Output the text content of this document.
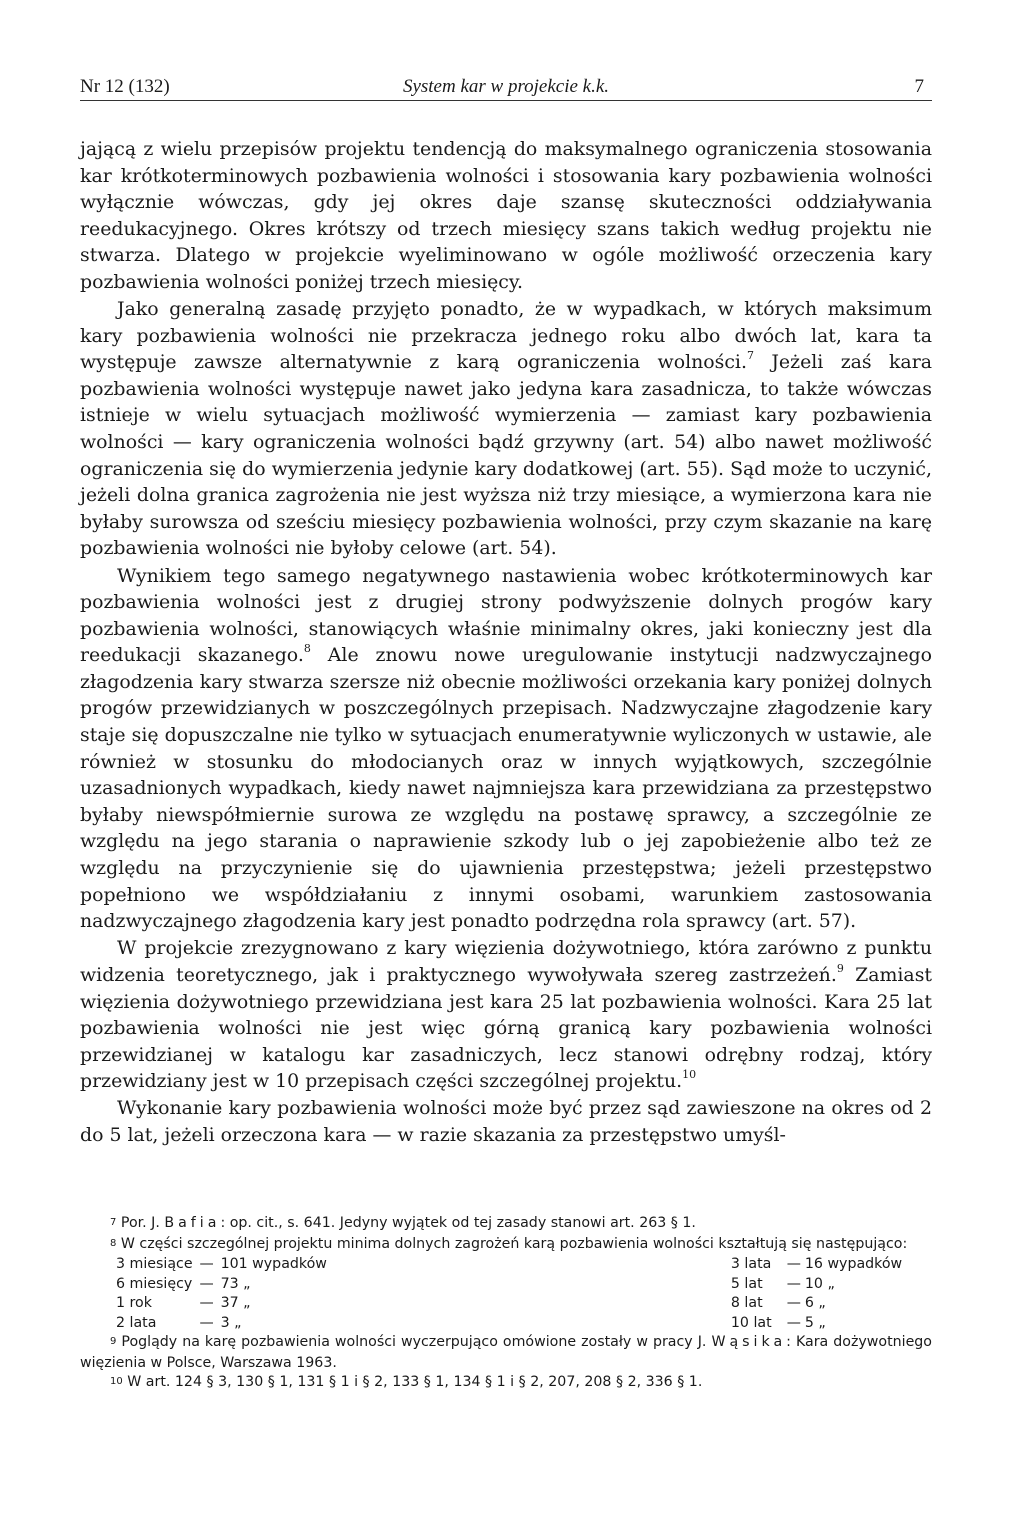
Nr 12 (132)	System kar w projekcie k.k.	7

jającą z wielu przepisów projektu tendencją do maksymalnego ograniczenia stosowania kar krótkoterminowych pozbawienia wolności i stosowania kary pozbawienia wolności wyłącznie wówczas, gdy jej okres daje szansę skuteczności oddziaływania reedukacyjnego. Okres krótszy od trzech miesięcy szans takich według projektu nie stwarza. Dlatego w projekcie wyeliminowano w ogóle możliwość orzeczenia kary pozbawienia wolności poniżej trzech miesięcy.

Jako generalną zasadę przyjęto ponadto, że w wypadkach, w których maksimum kary pozbawienia wolności nie przekracza jednego roku albo dwóch lat, kara ta występuje zawsze alternatywnie z karą ograniczenia wolności.$^7$ Jeżeli zaś kara pozbawienia wolności występuje nawet jako jedyna kara zasadnicza, to także wówczas istnieje w wielu sytuacjach możliwość wymierzenia — zamiast kary pozbawienia wolności — kary ograniczenia wolności bądź grzywny (art. 54) albo nawet możliwość ograniczenia się do wymierzenia jedynie kary dodatkowej (art. 55). Sąd może to uczynić, jeżeli dolna granica zagrożenia nie jest wyższa niż trzy miesiące, a wymierzona kara nie byłaby surowsza od sześciu miesięcy pozbawienia wolności, przy czym skazanie na karę pozbawienia wolności nie byłoby celowe (art. 54).

Wynikiem tego samego negatywnego nastawienia wobec krótkoterminowych kar pozbawienia wolności jest z drugiej strony podwyższenie dolnych progów kary pozbawienia wolności, stanowiących właśnie minimalny okres, jaki konieczny jest dla reedukacji skazanego.$^8$ Ale znowu nowe uregulowanie instytucji nadzwyczajnego złagodzenia kary stwarza szersze niż obecnie możliwości orzekania kary poniżej dolnych progów przewidzianych w poszczególnych przepisach. Nadzwyczajne złagodzenie kary staje się dopuszczalne nie tylko w sytuacjach enumeratywnie wyliczonych w ustawie, ale również w stosunku do młodocianych oraz w innych wyjątkowych, szczególnie uzasadnionych wypadkach, kiedy nawet najmniejsza kara przewidziana za przestępstwo byłaby niewspółmiernie surowa ze względu na postawę sprawcy, a szczególnie ze względu na jego starania o naprawienie szkody lub o jej zapobieżenie albo też ze względu na przyczynienie się do ujawnienia przestępstwa; jeżeli przestępstwo popełniono we współdziałaniu z innymi osobami, warunkiem zastosowania nadzwyczajnego złagodzenia kary jest ponadto podrzędna rola sprawcy (art. 57).

W projekcie zrezygnowano z kary więzienia dożywotniego, która zarówno z punktu widzenia teoretycznego, jak i praktycznego wywoływała szereg zastrzeżeń.$^9$ Zamiast więzienia dożywotniego przewidziana jest kara 25 lat pozbawienia wolności. Kara 25 lat pozbawienia wolności nie jest więc górną granicą kary pozbawienia wolności przewidzianej w katalogu kar zasadniczych, lecz stanowi odrębny rodzaj, który przewidziany jest w 10 przepisach części szczególnej projektu.$^{10}$

Wykonanie kary pozbawienia wolności może być przez sąd zawieszone na okres od 2 do 5 lat, jeżeli orzeczona kara — w razie skazania za przestępstwo umyśl-

7 Por. J. Bafia: op. cit., s. 641. Jedyny wyjątek od tej zasady stanowi art. 263 § 1.

8 W części szczególnej projektu minima dolnych zagrożeń karą pozbawienia wolności kształtują się następująco:

3 miesiące	—	101 wypadków		3 lata	—	16 wypadków
6 miesięcy	—	73 „		5 lat	—	10 „
1 rok	—	37 „		8 lat	—	6 „
2 lata	—	3 „		10 lat	—	5 „

9 Poglądy na karę pozbawienia wolności wyczerpująco omówione zostały w pracy J. Wąsika: Kara dożywotniego więzienia w Polsce, Warszawa 1963.

10 W art. 124 § 3, 130 § 1, 131 § 1 i § 2, 133 § 1, 134 § 1 i § 2, 207, 208 § 2, 336 § 1.
